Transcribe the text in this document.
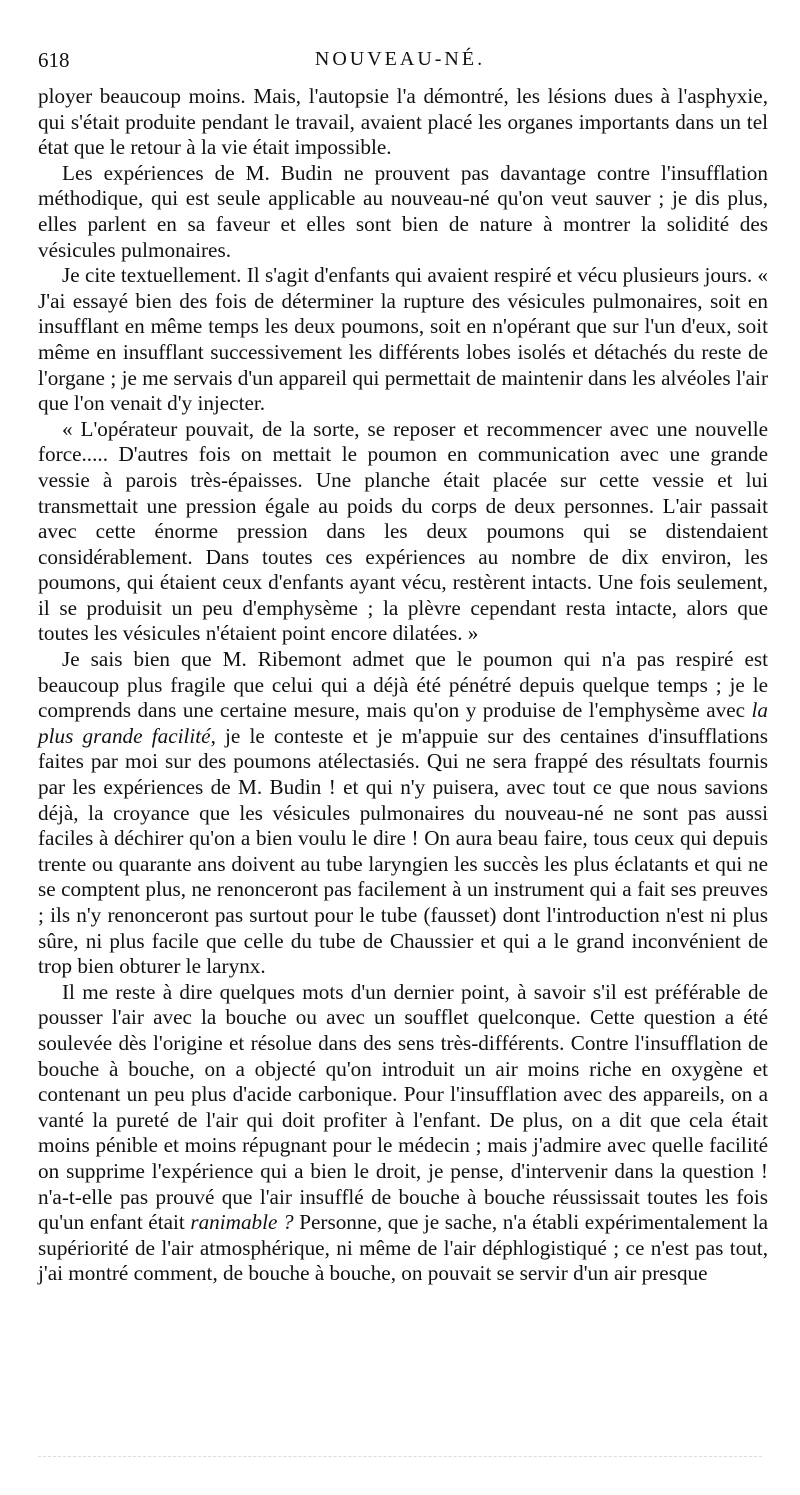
618	NOUVEAU-NÉ.

ployer beaucoup moins. Mais, l'autopsie l'a démontré, les lésions dues à l'asphyxie, qui s'était produite pendant le travail, avaient placé les organes importants dans un tel état que le retour à la vie était impossible.

Les expériences de M. Budin ne prouvent pas davantage contre l'insufflation méthodique, qui est seule applicable au nouveau-né qu'on veut sauver ; je dis plus, elles parlent en sa faveur et elles sont bien de nature à montrer la solidité des vésicules pulmonaires.

Je cite textuellement. Il s'agit d'enfants qui avaient respiré et vécu plusieurs jours. « J'ai essayé bien des fois de déterminer la rupture des vésicules pulmonaires, soit en insufflant en même temps les deux poumons, soit en n'opérant que sur l'un d'eux, soit même en insufflant successivement les différents lobes isolés et détachés du reste de l'organe ; je me servais d'un appareil qui permettait de maintenir dans les alvéoles l'air que l'on venait d'y injecter.

« L'opérateur pouvait, de la sorte, se reposer et recommencer avec une nouvelle force..... D'autres fois on mettait le poumon en communication avec une grande vessie à parois très-épaisses. Une planche était placée sur cette vessie et lui transmettait une pression égale au poids du corps de deux personnes. L'air passait avec cette énorme pression dans les deux poumons qui se distendaient considérablement. Dans toutes ces expériences au nombre de dix environ, les poumons, qui étaient ceux d'enfants ayant vécu, restèrent intacts. Une fois seulement, il se produisit un peu d'emphysème ; la plèvre cependant resta intacte, alors que toutes les vésicules n'étaient point encore dilatées. »

Je sais bien que M. Ribemont admet que le poumon qui n'a pas respiré est beaucoup plus fragile que celui qui a déjà été pénétré depuis quelque temps ; je le comprends dans une certaine mesure, mais qu'on y produise de l'emphysème avec la plus grande facilité, je le conteste et je m'appuie sur des centaines d'insufflations faites par moi sur des poumons atélectasiés. Qui ne sera frappé des résultats fournis par les expériences de M. Budin ! et qui n'y puisera, avec tout ce que nous savions déjà, la croyance que les vésicules pulmonaires du nouveau-né ne sont pas aussi faciles à déchirer qu'on a bien voulu le dire ! On aura beau faire, tous ceux qui depuis trente ou quarante ans doivent au tube laryngien les succès les plus éclatants et qui ne se comptent plus, ne renonceront pas facilement à un instrument qui a fait ses preuves ; ils n'y renonceront pas surtout pour le tube (fausset) dont l'introduction n'est ni plus sûre, ni plus facile que celle du tube de Chaussier et qui a le grand inconvénient de trop bien obturer le larynx.

Il me reste à dire quelques mots d'un dernier point, à savoir s'il est préférable de pousser l'air avec la bouche ou avec un soufflet quelconque. Cette question a été soulevée dès l'origine et résolue dans des sens très-différents. Contre l'insufflation de bouche à bouche, on a objecté qu'on introduit un air moins riche en oxygène et contenant un peu plus d'acide carbonique. Pour l'insufflation avec des appareils, on a vanté la pureté de l'air qui doit profiter à l'enfant. De plus, on a dit que cela était moins pénible et moins répugnant pour le médecin ; mais j'admire avec quelle facilité on supprime l'expérience qui a bien le droit, je pense, d'intervenir dans la question ! n'a-t-elle pas prouvé que l'air insufflé de bouche à bouche réussissait toutes les fois qu'un enfant était ranimable ? Personne, que je sache, n'a établi expérimentalement la supériorité de l'air atmosphérique, ni même de l'air déphlogistiqué ; ce n'est pas tout, j'ai montré comment, de bouche à bouche, on pouvait se servir d'un air presque
